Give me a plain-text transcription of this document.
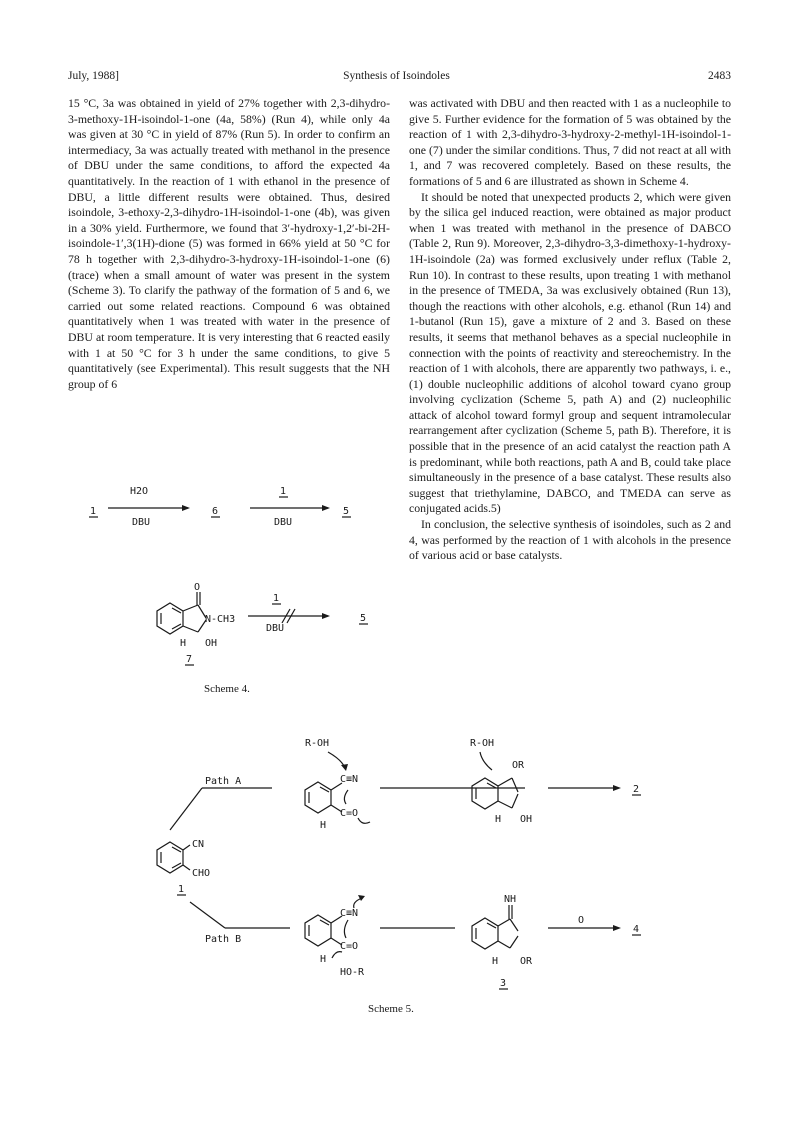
July, 1988]	Synthesis of Isoindoles	2483

15 °C, 3a was obtained in yield of 27% together with 2,3-dihydro-3-methoxy-1H-isoindol-1-one (4a, 58%) (Run 4), while only 4a was given at 30 °C in yield of 87% (Run 5). In order to confirm an intermediacy, 3a was actually treated with methanol in the presence of DBU under the same conditions, to afford the expected 4a quantitatively. In the reaction of 1 with ethanol in the presence of DBU, a little different results were obtained. Thus, desired isoindole, 3-ethoxy-2,3-dihydro-1H-isoindol-1-one (4b), was given in a 30% yield. Furthermore, we found that 3′-hydroxy-1,2′-bi-2H-isoindole-1′,3(1H)-dione (5) was formed in 66% yield at 50 °C for 78 h together with 2,3-dihydro-3-hydroxy-1H-isoindol-1-one (6) (trace) when a small amount of water was present in the system (Scheme 3). To clarify the pathway of the formation of 5 and 6, we carried out some related reactions. Compound 6 was obtained quantitatively when 1 was treated with water in the presence of DBU at room temperature. It is very interesting that 6 reacted easily with 1 at 50 °C for 3 h under the same conditions, to give 5 quantitatively (see Experimental). This result suggests that the NH group of 6

was activated with DBU and then reacted with 1 as a nucleophile to give 5. Further evidence for the formation of 5 was obtained by the reaction of 1 with 2,3-dihydro-3-hydroxy-2-methyl-1H-isoindol-1-one (7) under the similar conditions. Thus, 7 did not react at all with 1, and 7 was recovered completely. Based on these results, the formations of 5 and 6 are illustrated as shown in Scheme 4.

It should be noted that unexpected products 2, which were given by the silica gel induced reaction, were obtained as major product when 1 was treated with methanol in the presence of DABCO (Table 2, Run 9). Moreover, 2,3-dihydro-3,3-dimethoxy-1-hydroxy-1H-isoindole (2a) was formed exclusively under reflux (Table 2, Run 10). In contrast to these results, upon treating 1 with methanol in the presence of TMEDA, 3a was exclusively obtained (Run 13), though the reactions with other alcohols, e.g. ethanol (Run 14) and 1-butanol (Run 15), gave a mixture of 2 and 3. Based on these results, it seems that methanol behaves as a special nucleophile in connection with the points of reactivity and stereochemistry. In the reaction of 1 with alcohols, there are apparently two pathways, i. e., (1) double nucleophilic additions of alcohol toward cyano group involving cyclization (Scheme 5, path A) and (2) nucleophilic attack of alcohol toward formyl group and sequent intramolecular rearrangement after cyclization (Scheme 5, path B). Therefore, it is possible that in the presence of an acid catalyst the reaction path A is predominant, while both reactions, path A and B, could take place simultaneously in the presence of a base catalyst. These results also suggest that triethylamine, DABCO, and TMEDA can serve as conjugated acids.5)

In conclusion, the selective synthesis of isoindoles, such as 2 and 4, was performed by the reaction of 1 with alcohols in the presence of various acid or base catalysts.

1
H2O
DBU
6
1
DBU
5
O
N-CH3
H OH
7
1
DBU
5
Scheme 4.
R-OH
Path A	C≡N
C=O
H
R-OH
OR
H OH
2
CN
CHO
1
Path B
C≡N
C=O
H
HO-R
NH
H OR
3
O
4
Scheme 5.
